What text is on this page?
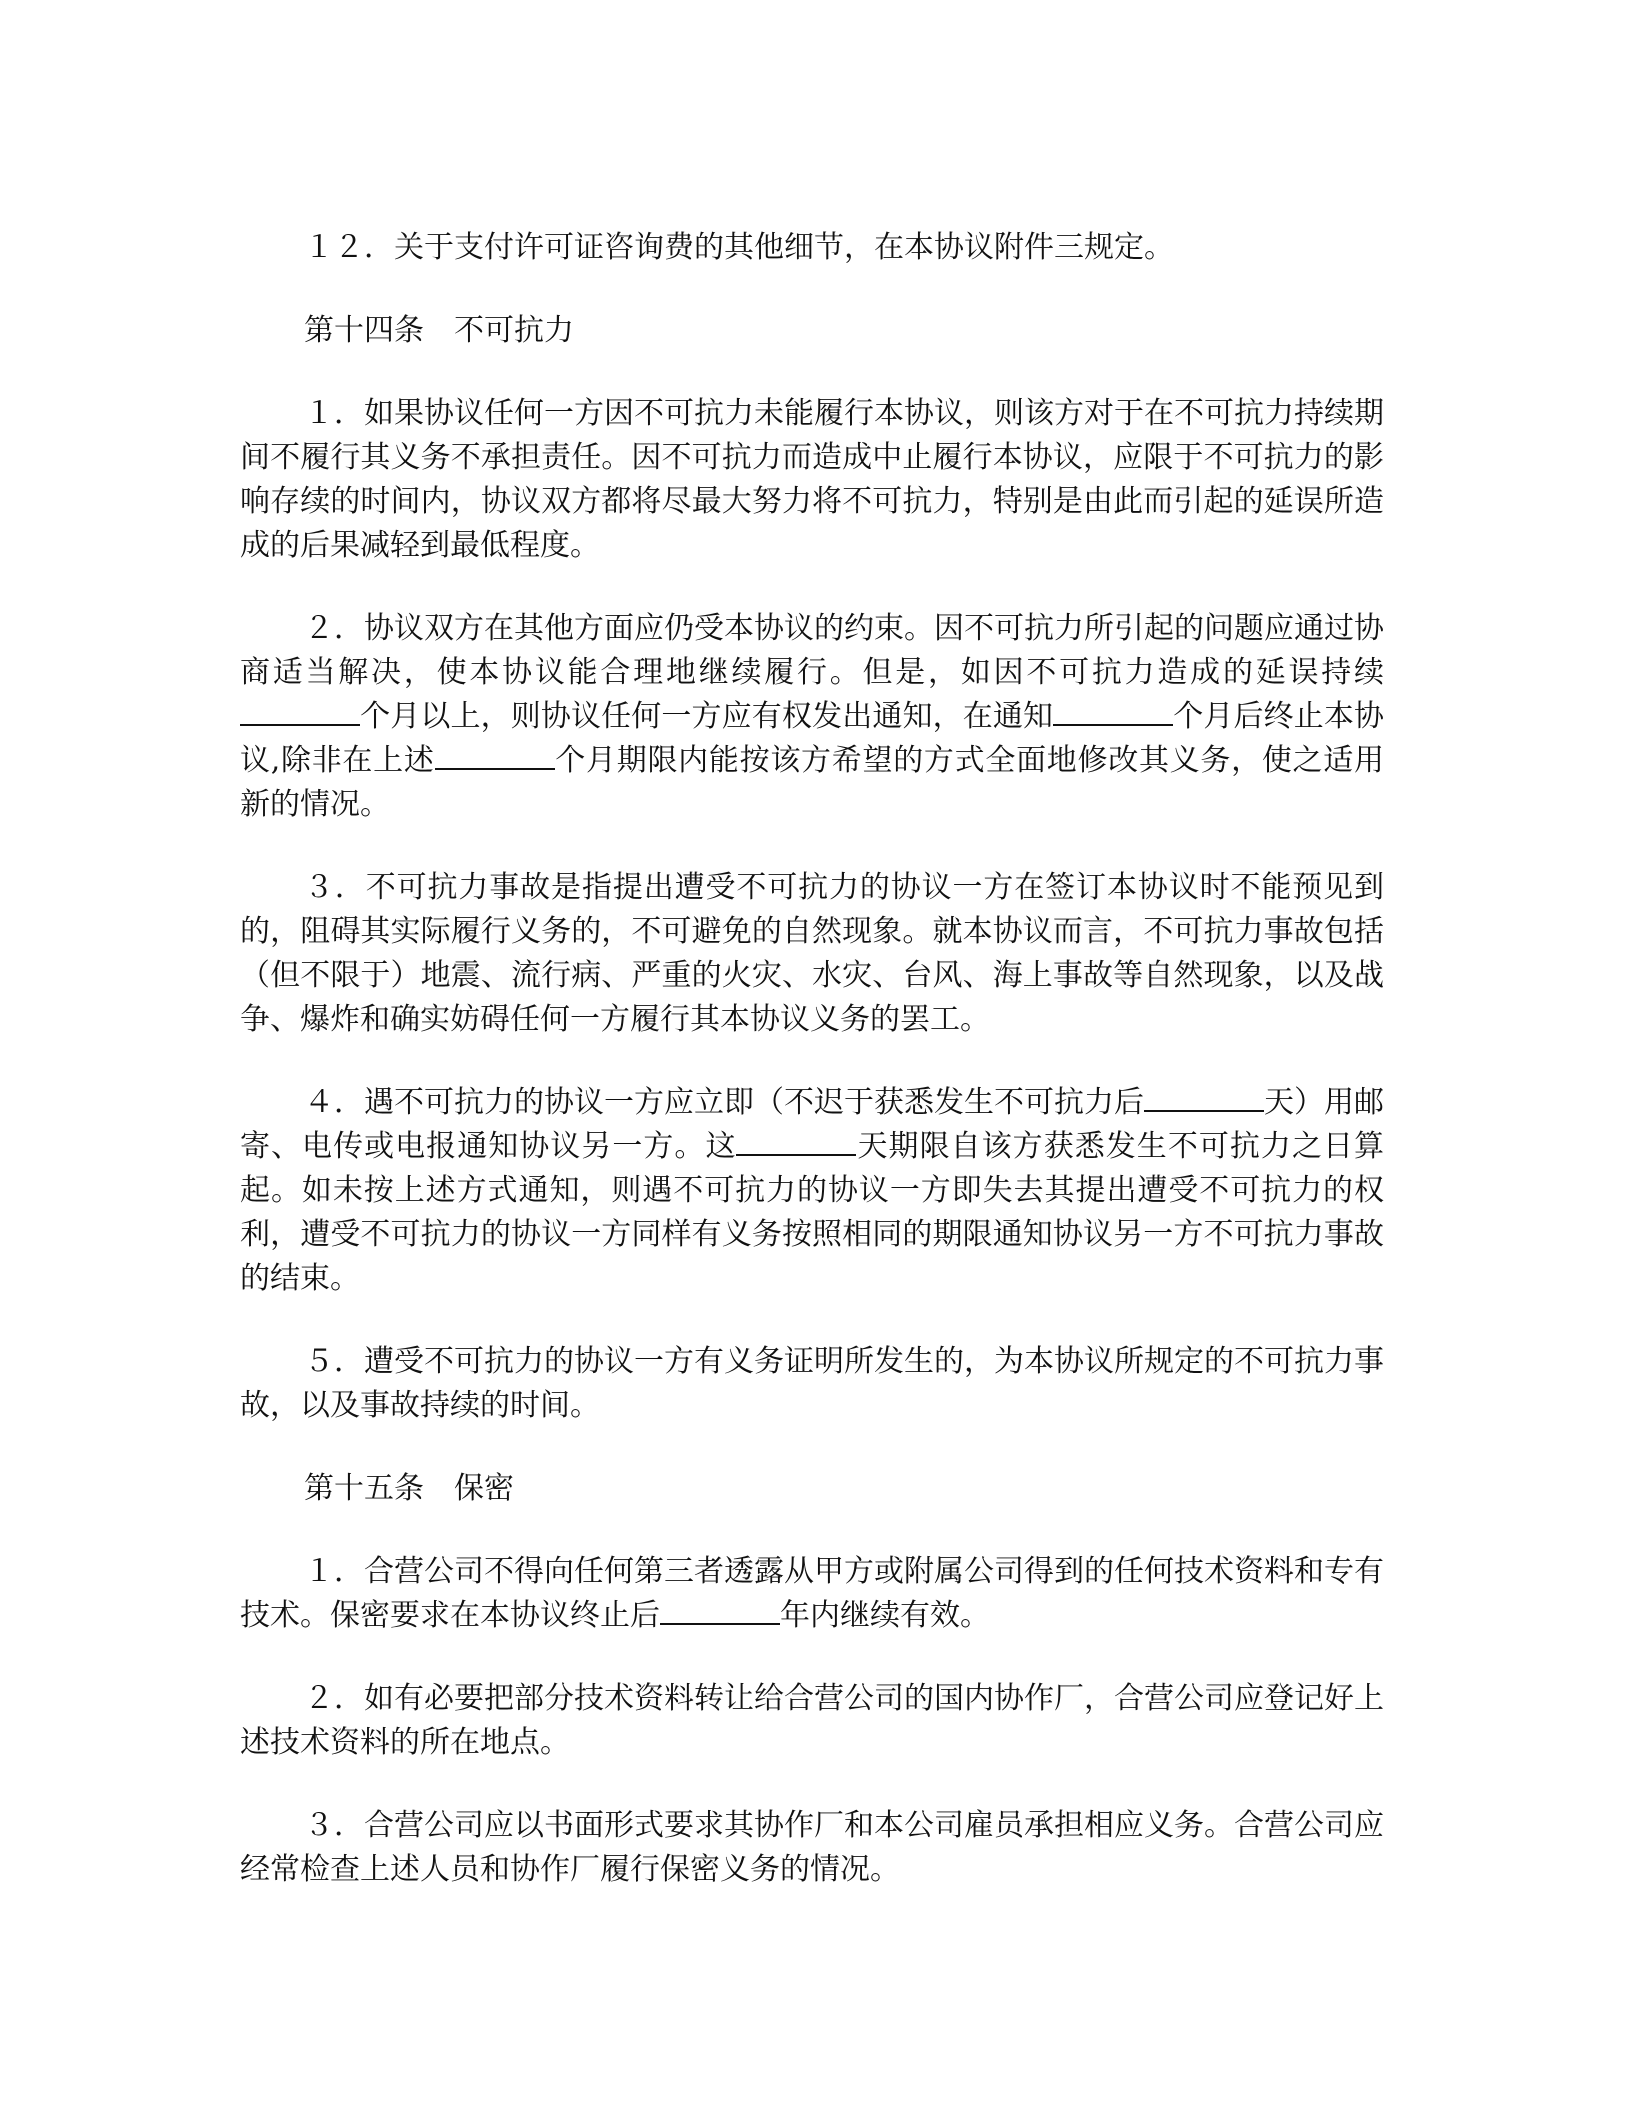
１２．关于支付许可证咨询费的其他细节，在本协议附件三规定。

第十四条　不可抗力

１．如果协议任何一方因不可抗力未能履行本协议，则该方对于在不可抗力持续期间不履行其义务不承担责任。因不可抗力而造成中止履行本协议，应限于不可抗力的影响存续的时间内，协议双方都将尽最大努力将不可抗力，特别是由此而引起的延误所造成的后果减轻到最低程度。

２．协议双方在其他方面应仍受本协议的约束。因不可抗力所引起的问题应通过协商适当解决，使本协议能合理地继续履行。但是，如因不可抗力造成的延误持续个月以上，则协议任何一方应有权发出通知，在通知	个月后终止本协议,除非在上述	个月期限内能按该方希望的方式全面地修改其义务，使之适用新的情况。

３．不可抗力事故是指提出遭受不可抗力的协议一方在签订本协议时不能预见到的，阻碍其实际履行义务的，不可避免的自然现象。就本协议而言，不可抗力事故包括（但不限于）地震、流行病、严重的火灾、水灾、台风、海上事故等自然现象，以及战争、爆炸和确实妨碍任何一方履行其本协议义务的罢工。

４．遇不可抗力的协议一方应立即（不迟于获悉发生不可抗力后	天）用邮寄、电传或电报通知协议另一方。这	天期限自该方获悉发生不可抗力之日算起。如未按上述方式通知，则遇不可抗力的协议一方即失去其提出遭受不可抗力的权利，遭受不可抗力的协议一方同样有义务按照相同的期限通知协议另一方不可抗力事故的结束。

５．遭受不可抗力的协议一方有义务证明所发生的，为本协议所规定的不可抗力事故，以及事故持续的时间。

第十五条　保密

１．合营公司不得向任何第三者透露从甲方或附属公司得到的任何技术资料和专有技术。保密要求在本协议终止后	年内继续有效。

２．如有必要把部分技术资料转让给合营公司的国内协作厂，合营公司应登记好上述技术资料的所在地点。

３．合营公司应以书面形式要求其协作厂和本公司雇员承担相应义务。合营公司应经常检查上述人员和协作厂履行保密义务的情况。
